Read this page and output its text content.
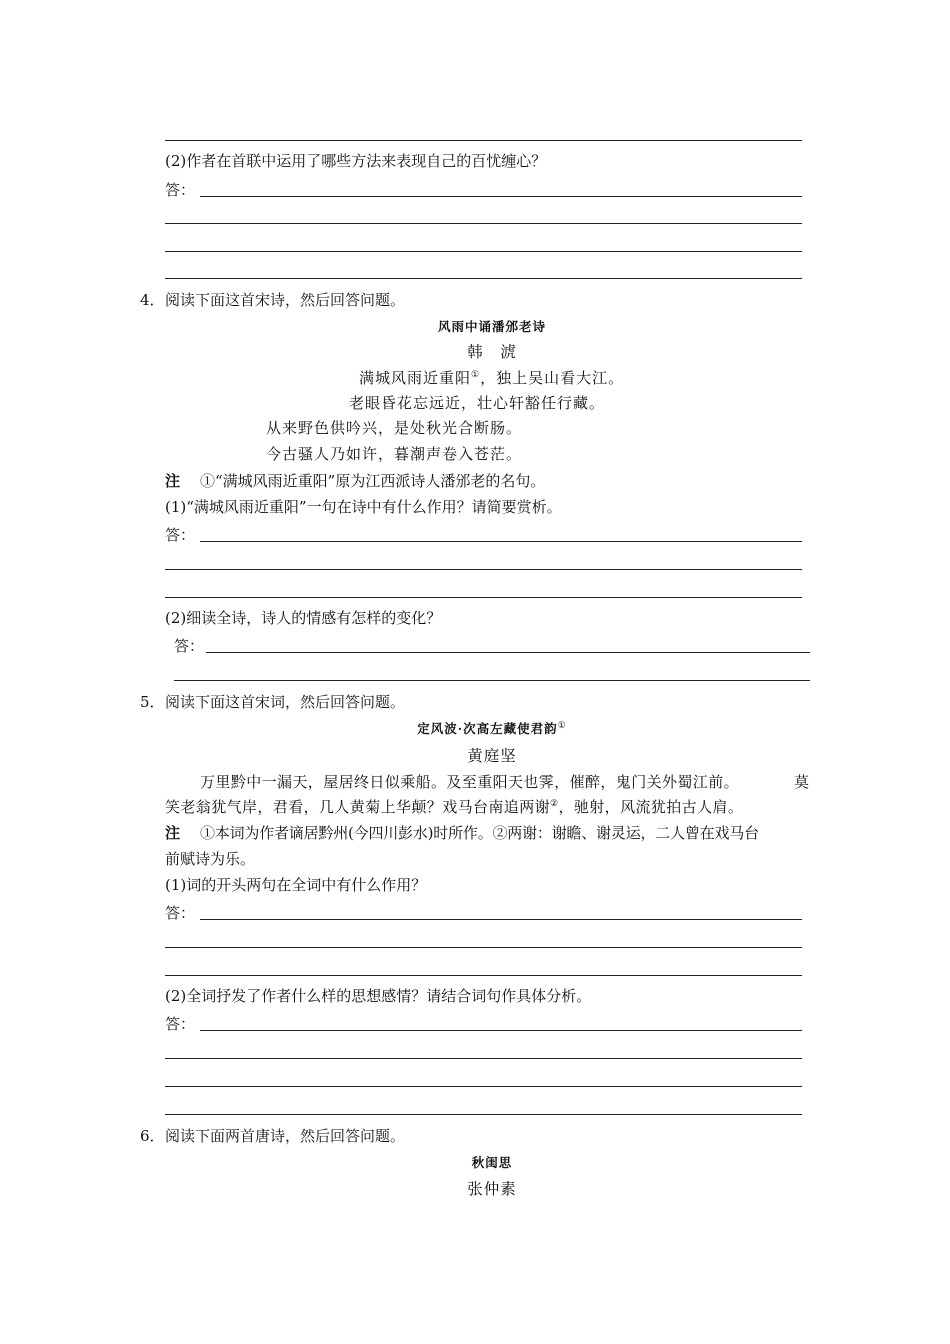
(2)作者在首联中运用了哪些方法来表现自己的百忧缠心？
答：
4． 阅读下面这首宋诗，然后回答问题。
风雨中诵潘邠老诗
韩　淲
满城风雨近重阳①，独上吴山看大江。
老眼昏花忘远近，壮心轩豁任行藏。
从来野色供吟兴，是处秋光合断肠。
今古骚人乃如许，暮潮声卷入苍茫。
注 ①“满城风雨近重阳”原为江西派诗人潘邠老的名句。
(1)“满城风雨近重阳”一句在诗中有什么作用？请简要赏析。
答：
(2)细读全诗，诗人的情感有怎样的变化？
答：
5． 阅读下面这首宋词，然后回答问题。
定风波·次高左藏使君韵①
黄庭坚
万里黔中一漏天，屋居终日似乘船。及至重阳天也霁，催醉，鬼门关外蜀江前。	莫
笑老翁犹气岸，君看，几人黄菊上华颠？戏马台南追两谢②，驰射，风流犹拍古人肩。
注 ①本词为作者谪居黔州(今四川彭水)时所作。②两谢：谢瞻、谢灵运，二人曾在戏马台
前赋诗为乐。
(1)词的开头两句在全词中有什么作用？
答：
(2)全词抒发了作者什么样的思想感情？请结合词句作具体分析。
答：
6． 阅读下面两首唐诗，然后回答问题。
秋闺思
张仲素
